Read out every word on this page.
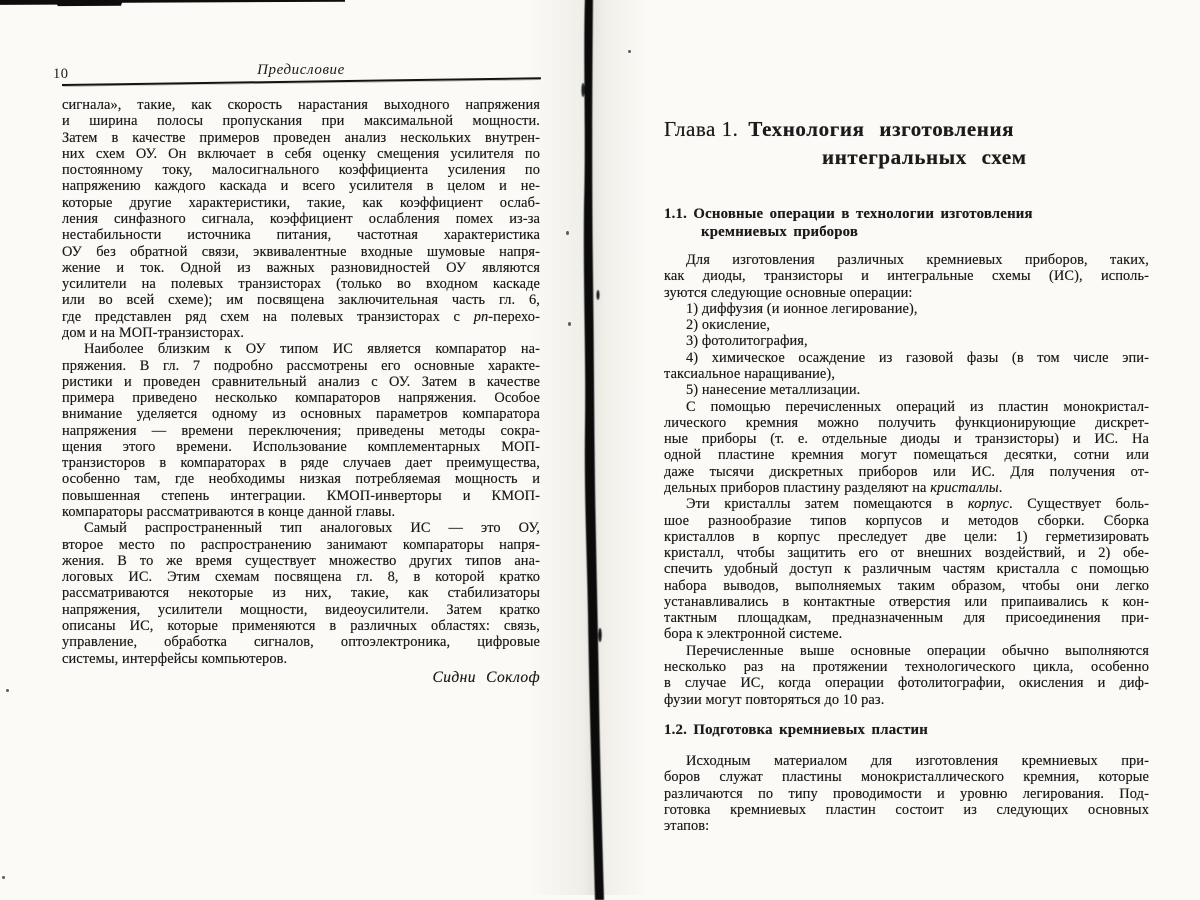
10	Предисловие
сигнала», такие, как скорость нарастания выходного напряжения
и ширина полосы пропускания при максимальной мощности.
Затем в качестве примеров проведен анализ нескольких внутрен-
них схем ОУ. Он включает в себя оценку смещения усилителя по
постоянному току, малосигнального коэффициента усиления по
напряжению каждого каскада и всего усилителя в целом и не-
которые другие характеристики, такие, как коэффициент ослаб-
ления синфазного сигнала, коэффициент ослабления помех из-за
нестабильности источника питания, частотная характеристика
ОУ без обратной связи, эквивалентные входные шумовые напря-
жение и ток. Одной из важных разновидностей ОУ являются
усилители на полевых транзисторах (только во входном каскаде
или во всей схеме); им посвящена заключительная часть гл. 6,
где представлен ряд схем на полевых транзисторах с pn-перехо-
дом и на МОП-транзисторах.
Наиболее близким к ОУ типом ИС является компаратор на-
пряжения. В гл. 7 подробно рассмотрены его основные характе-
ристики и проведен сравнительный анализ с ОУ. Затем в качестве
примера приведено несколько компараторов напряжения. Особое
внимание уделяется одному из основных параметров компаратора
напряжения — времени переключения; приведены методы сокра-
щения этого времени. Использование комплементарных МОП-
транзисторов в компараторах в ряде случаев дает преимущества,
особенно там, где необходимы низкая потребляемая мощность и
повышенная степень интеграции. КМОП-инверторы и КМОП-
компараторы рассматриваются в конце данной главы.
Самый распространенный тип аналоговых ИС — это ОУ,
второе место по распространению занимают компараторы напря-
жения. В то же время существует множество других типов ана-
логовых ИС. Этим схемам посвящена гл. 8, в которой кратко
рассматриваются некоторые из них, такие, как стабилизаторы
напряжения, усилители мощности, видеоусилители. Затем кратко
описаны ИС, которые применяются в различных областях: связь,
управление, обработка сигналов, оптоэлектроника, цифровые
системы, интерфейсы компьютеров.
Сидни Соклоф
Глава 1. Технология изготовления
интегральных схем
1.1. Основные операции в технологии изготовления
кремниевых приборов
Для изготовления различных кремниевых приборов, таких,
как диоды, транзисторы и интегральные схемы (ИС), исполь-
зуются следующие основные операции:
1) диффузия (и ионное легирование),
2) окисление,
3) фотолитография,
4) химическое осаждение из газовой фазы (в том числе эпи-
таксиальное наращивание),
5) нанесение металлизации.
С помощью перечисленных операций из пластин монокристал-
лического кремния можно получить функционирующие дискрет-
ные приборы (т. е. отдельные диоды и транзисторы) и ИС. На
одной пластине кремния могут помещаться десятки, сотни или
даже тысячи дискретных приборов или ИС. Для получения от-
дельных приборов пластину разделяют на кристаллы.
Эти кристаллы затем помещаются в корпус. Существует боль-
шое разнообразие типов корпусов и методов сборки. Сборка
кристаллов в корпус преследует две цели: 1) герметизировать
кристалл, чтобы защитить его от внешних воздействий, и 2) обе-
спечить удобный доступ к различным частям кристалла с помощью
набора выводов, выполняемых таким образом, чтобы они легко
устанавливались в контактные отверстия или припаивались к кон-
тактным площадкам, предназначенным для присоединения при-
бора к электронной системе.
Перечисленные выше основные операции обычно выполняются
несколько раз на протяжении технологического цикла, особенно
в случае ИС, когда операции фотолитографии, окисления и диф-
фузии могут повторяться до 10 раз.
1.2. Подготовка кремниевых пластин
Исходным материалом для изготовления кремниевых при-
боров служат пластины монокристаллического кремния, которые
различаются по типу проводимости и уровню легирования. Под-
готовка кремниевых пластин состоит из следующих основных
этапов:
